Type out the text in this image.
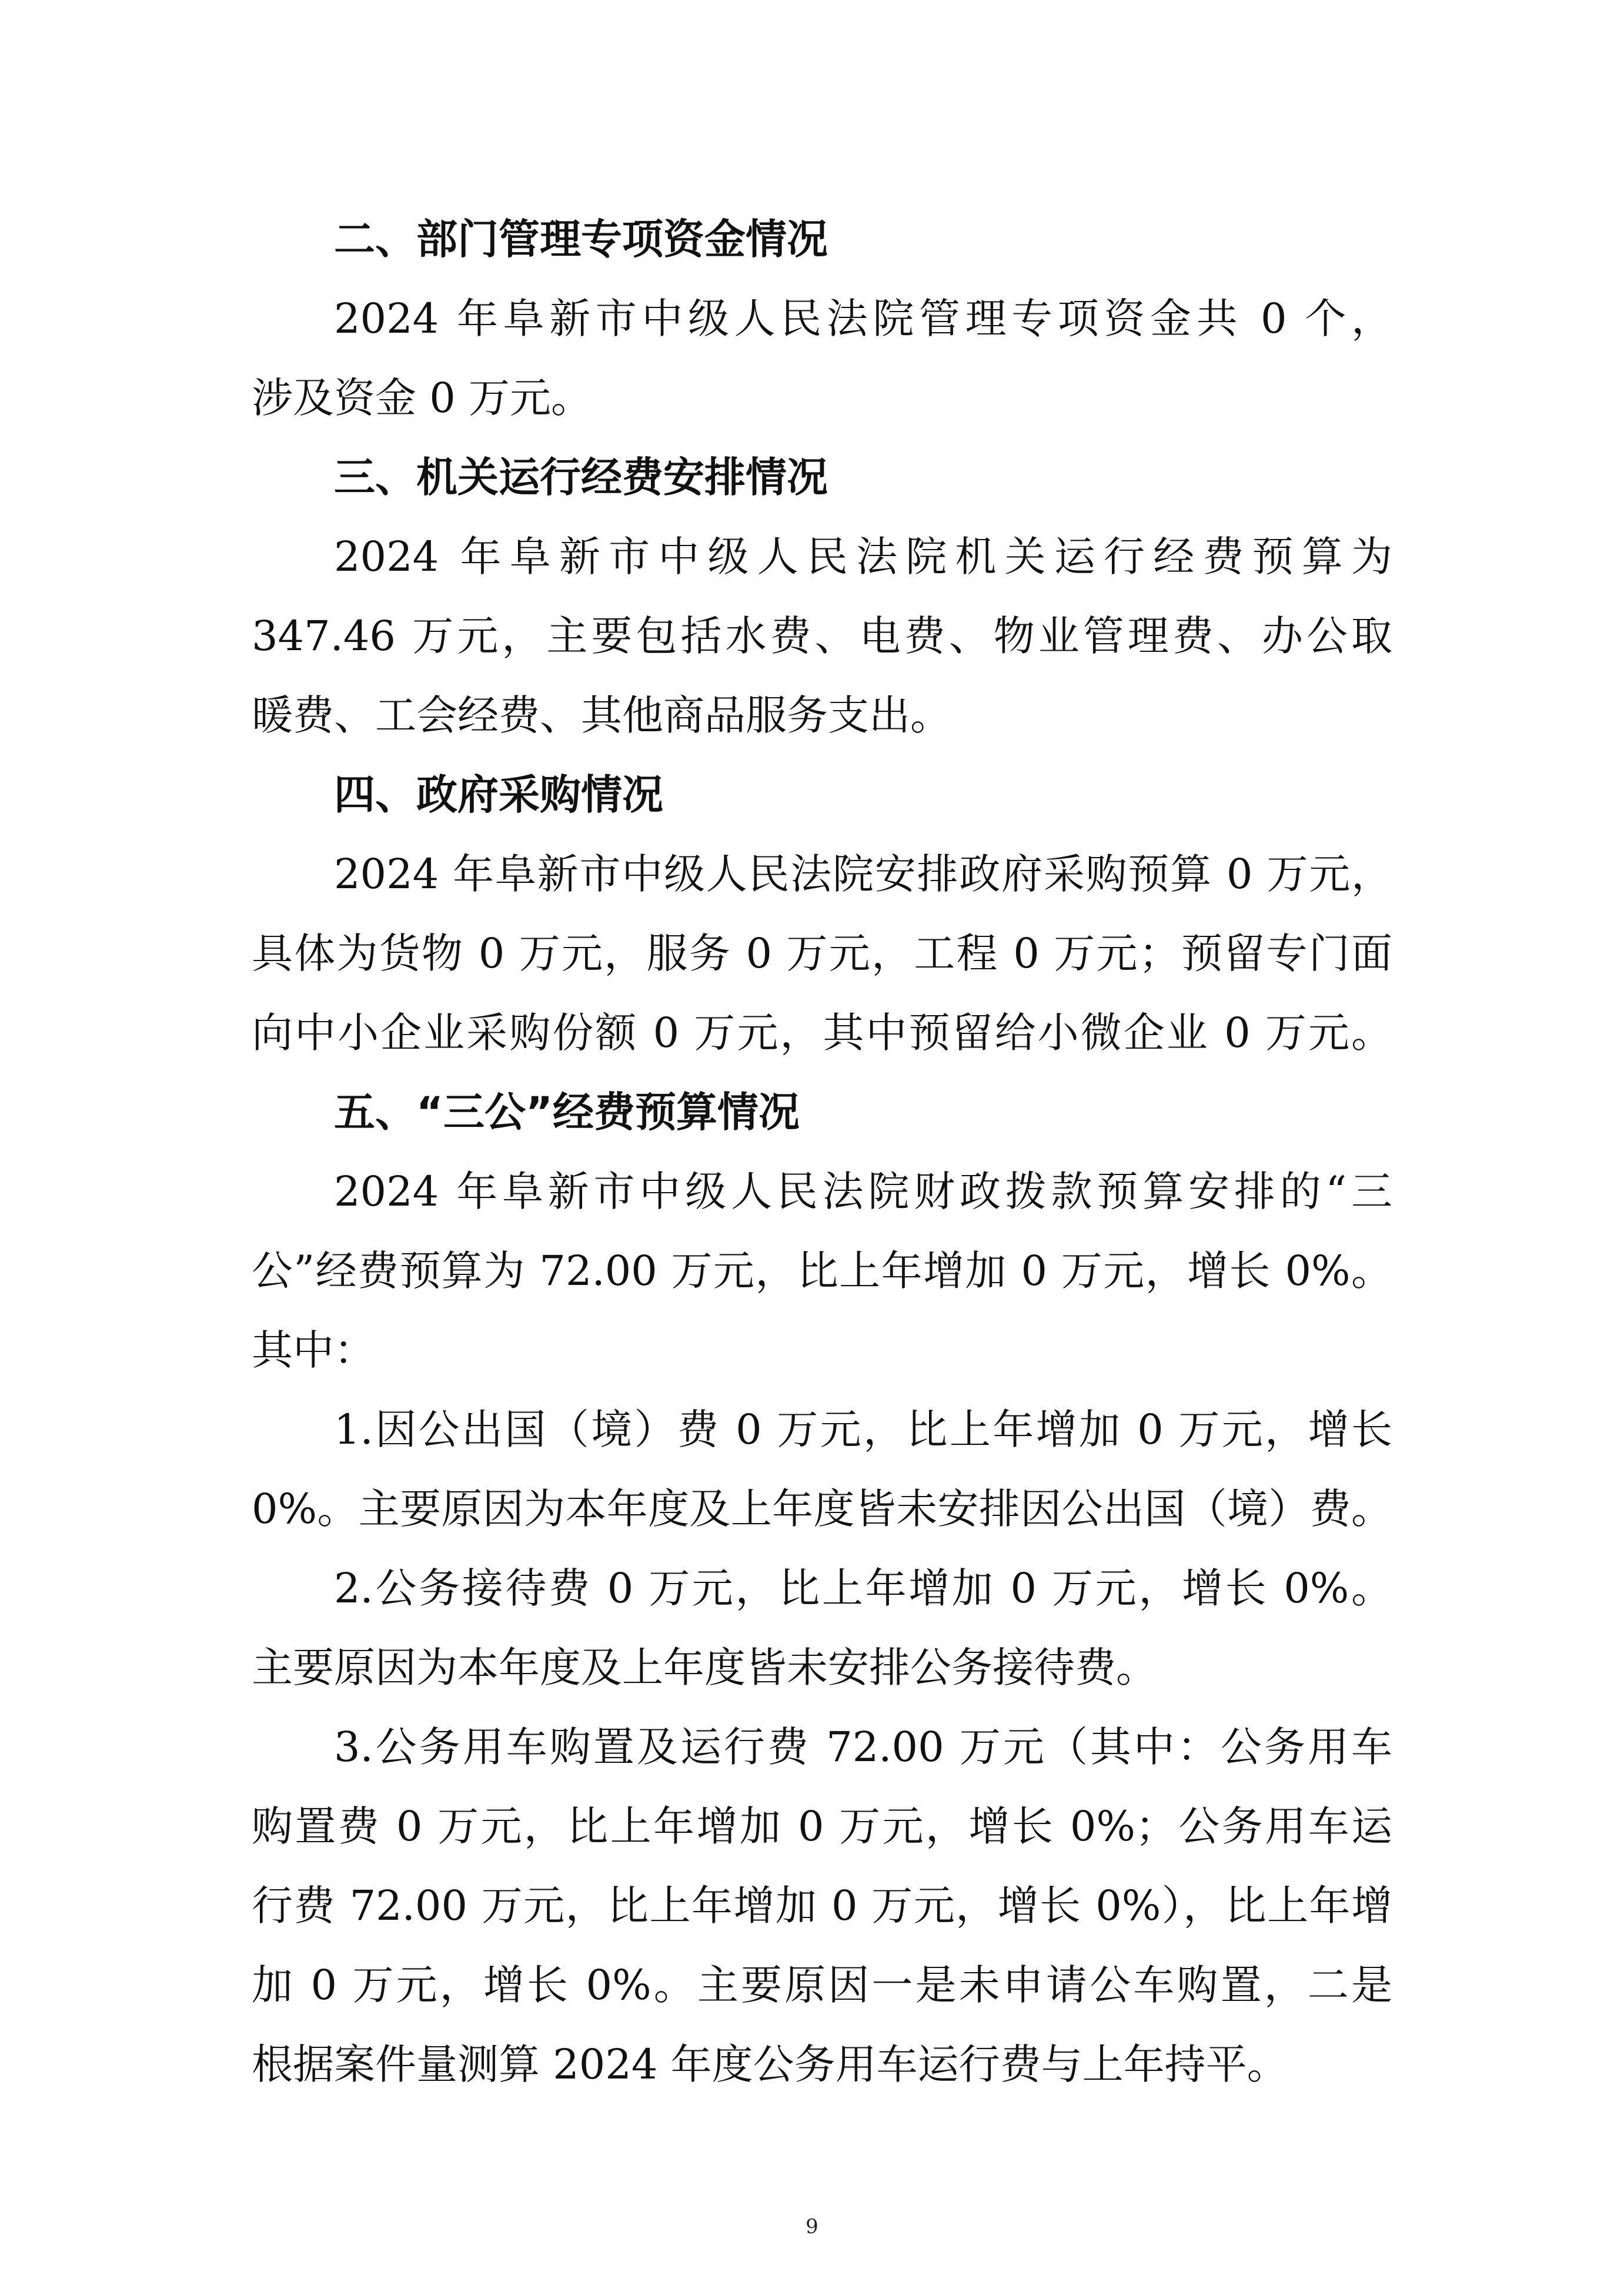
二、部门管理专项资金情况
2024 年阜新市中级人民法院管理专项资金共 0 个，
涉及资金 0 万元。
三、机关运行经费安排情况
2024 年阜新市中级人民法院机关运行经费预算为
347.46 万元，主要包括水费、电费、物业管理费、办公取
暖费、工会经费、其他商品服务支出。
四、政府采购情况
2024 年阜新市中级人民法院安排政府采购预算 0 万元，
具体为货物 0 万元，服务 0 万元，工程 0 万元；预留专门面
向中小企业采购份额 0 万元，其中预留给小微企业 0 万元。
五、“三公”经费预算情况
2024 年阜新市中级人民法院财政拨款预算安排的“三
公”经费预算为 72.00 万元，比上年增加 0 万元，增长 0%。
其中：
1.因公出国（境）费 0 万元，比上年增加 0 万元，增长
0%。主要原因为本年度及上年度皆未安排因公出国（境）费。
2.公务接待费 0 万元，比上年增加 0 万元，增长 0%。
主要原因为本年度及上年度皆未安排公务接待费。
3.公务用车购置及运行费 72.00 万元（其中：公务用车
购置费 0 万元，比上年增加 0 万元，增长 0%；公务用车运
行费 72.00 万元，比上年增加 0 万元，增长 0%），比上年增
加 0 万元，增长 0%。主要原因一是未申请公车购置，二是
根据案件量测算 2024 年度公务用车运行费与上年持平。
9
